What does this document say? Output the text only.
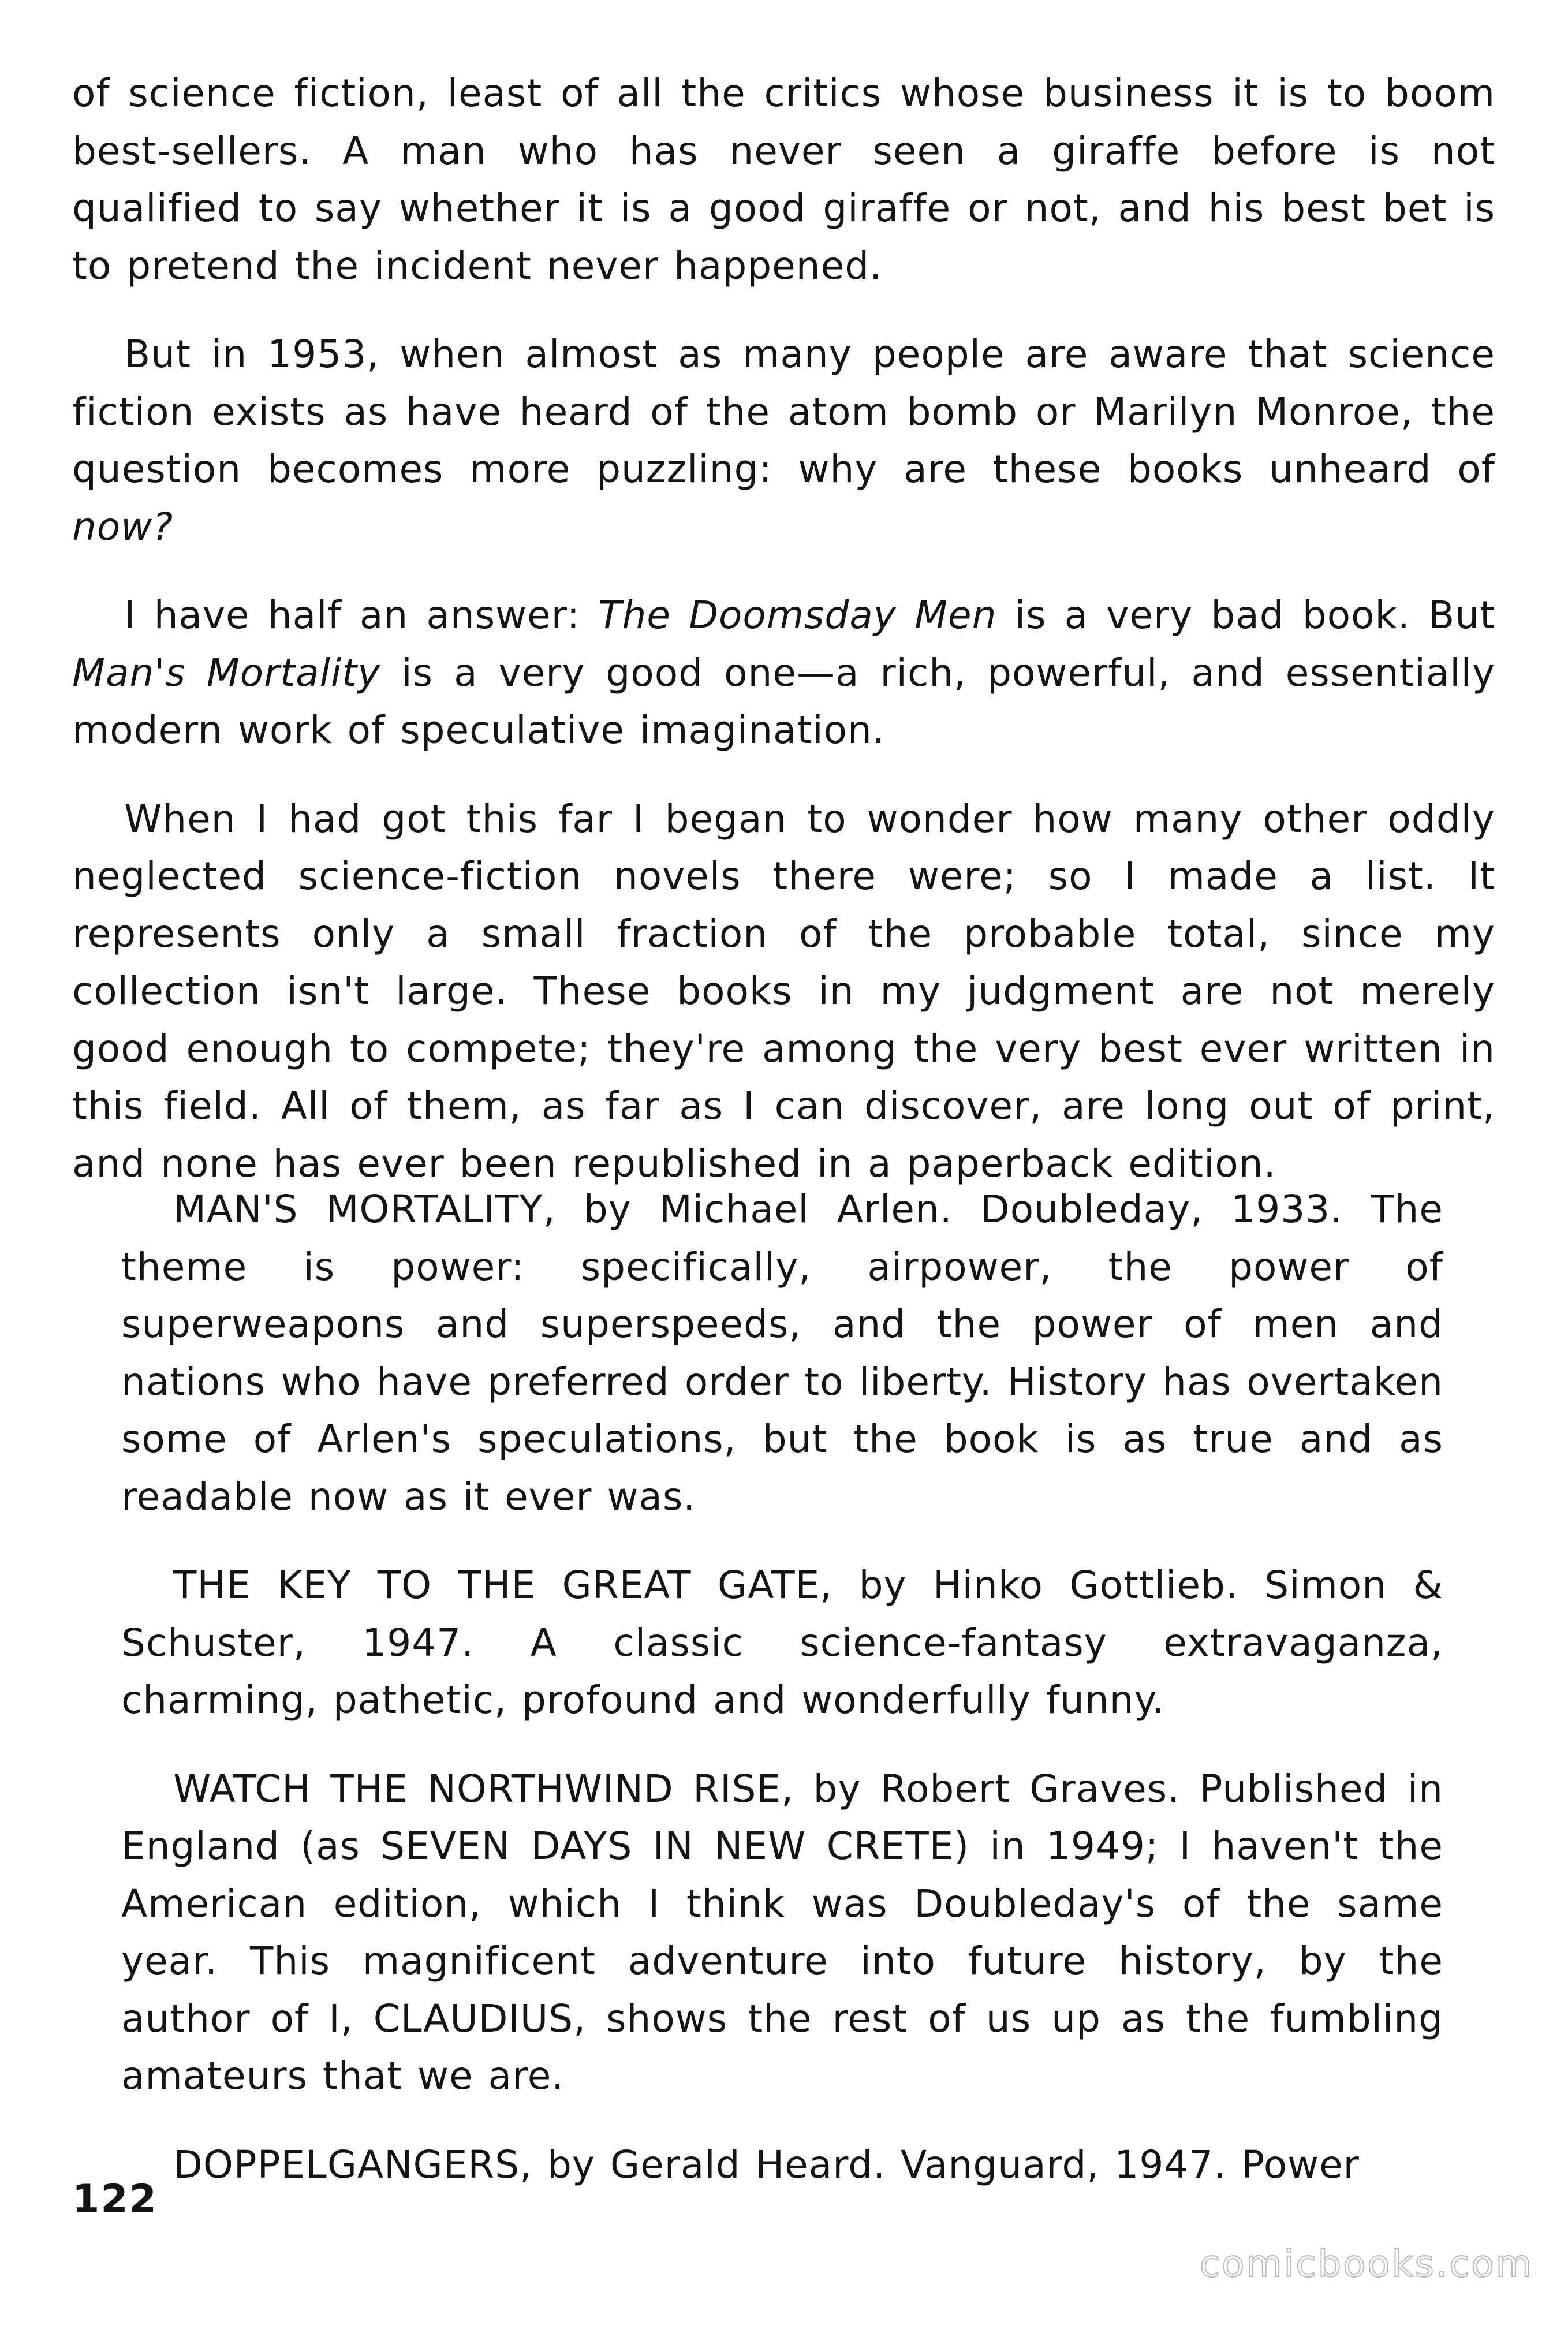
of science fiction, least of all the critics whose business it is to boom best-sellers. A man who has never seen a giraffe before is not qualified to say whether it is a good giraffe or not, and his best bet is to pretend the incident never happened.

But in 1953, when almost as many people are aware that science fiction exists as have heard of the atom bomb or Marilyn Monroe, the question becomes more puzzling: why are these books unheard of now?

I have half an answer: The Doomsday Men is a very bad book. But Man's Mortality is a very good one—a rich, powerful, and essentially modern work of speculative imagination.

When I had got this far I began to wonder how many other oddly neglected science-fiction novels there were; so I made a list. It represents only a small fraction of the probable total, since my collection isn't large. These books in my judgment are not merely good enough to compete; they're among the very best ever written in this field. All of them, as far as I can discover, are long out of print, and none has ever been republished in a paperback edition.

MAN'S MORTALITY, by Michael Arlen. Doubleday, 1933. The theme is power: specifically, airpower, the power of superweapons and superspeeds, and the power of men and nations who have preferred order to liberty. History has overtaken some of Arlen's speculations, but the book is as true and as readable now as it ever was.

THE KEY TO THE GREAT GATE, by Hinko Gottlieb. Simon & Schuster, 1947. A classic science-fantasy extravaganza, charming, pathetic, profound and wonderfully funny.

WATCH THE NORTHWIND RISE, by Robert Graves. Published in England (as SEVEN DAYS IN NEW CRETE) in 1949; I haven't the American edition, which I think was Doubleday's of the same year. This magnificent adventure into future history, by the author of I, CLAUDIUS, shows the rest of us up as the fumbling amateurs that we are.

DOPPELGANGERS, by Gerald Heard. Vanguard, 1947. Power

122
comicbooks.com
